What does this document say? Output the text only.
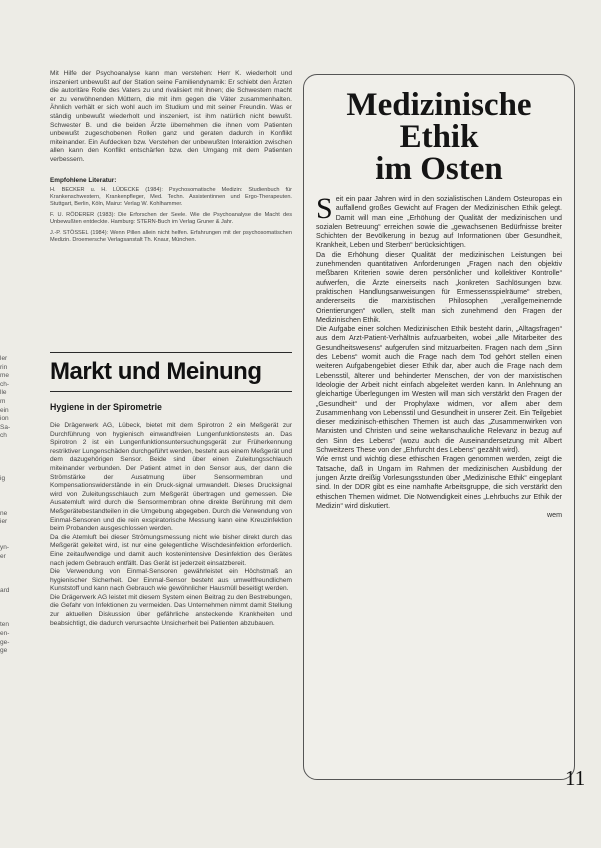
ler
rin
me
ch-
lle
m
ein
ion
Sa-
ch

ig

ne
ier

yn-
er

ard

ten
en-
ge-
ge

Mit Hilfe der Psychoanalyse kann man verstehen: Herr K. wiederholt und inszeniert unbewußt auf der Station seine Familiendynamik: Er schiebt den Ärzten die autoritäre Rolle des Vaters zu und rivalisiert mit ihnen; die Schwestern macht er zu verwöhnenden Müttern, die mit ihm gegen die Väter zusammenhalten. Ähnlich verhält er sich wohl auch im Studium und mit seiner Freundin. Was er ständig unbewußt wiederholt und inszeniert, ist ihm natürlich nicht bewußt. Schwester B. und die beiden Ärzte übernehmen die ihnen vom Patienten unbewußt zugeschobenen Rollen ganz und geraten dadurch in Konflikt miteinander. Ein Aufdecken bzw. Verstehen der unbewußten Interaktion zwischen allen kann den Konflikt entschärfen bzw. den Umgang mit dem Patienten verbessern.

Empfohlene Literatur:

H. BECKER u. H. LÜDECKE (1984): Psychosomatische Medizin: Studienbuch für Krankenschwestern, Krankenpfleger, Med. Techn. Assistentinnen und Ergo-Therapeuten. Stuttgart, Berlin, Köln, Mainz: Verlag W. Kohlhammer.

F. U. RÖDERER (1983): Die Erforschen der Seele. Wie die Psychoanalyse die Macht des Unbewußten entdeckte. Hamburg: STERN-Buch im Verlag Gruner & Jahr.

J.-P. STÖSSEL (1984): Wenn Pillen allein nicht helfen. Erfahrungen mit der psychosomatischen Medizin. Droemersche Verlagsanstalt Th. Knaur, München.

Markt und Meinung
Hygiene in der Spirometrie

Die Drägerwerk AG, Lübeck, bietet mit dem Spirotron 2 ein Meßgerät zur Durchführung von hygienisch einwandfreien Lungenfunktionstests an. Das Spirotron 2 ist ein Lungenfunktionsuntersuchungsgerät zur Früherkennung restriktiver Lungenschäden durchgeführt werden, besteht aus einem Meßgerät und dem dazugehörigen Sensor. Beide sind über einen Zuleitungsschlauch miteinander verbunden. Der Patient atmet in den Sensor aus, der dann die Strömstärke der Ausatmung über Sensormembran und Kompensationswiderstände in ein Druck-signal umwandelt. Dieses Drucksignal wird von Zuleitungsschlauch zum Meßgerät übertragen und gemessen. Die Ausatemluft wird durch die Sensormembran ohne direkte Berührung mit dem Meßgerätebestandteilen in die Umgebung abgegeben. Durch die Verwendung von Einmal-Sensoren und die rein exspiratorische Messung kann eine Kreuzinfektion beim Probanden ausgeschlossen werden.

Da die Atemluft bei dieser Strömungsmessung nicht wie bisher direkt durch das Meßgerät geleitet wird, ist nur eine gelegentliche Wischdesinfektion erforderlich. Eine zeitaufwendige und damit auch kostenintensive Desinfektion des Gerätes nach jedem Gebrauch entfällt. Das Gerät ist jederzeit einsatzbereit.

Die Verwendung von Einmal-Sensoren gewährleistet ein Höchstmaß an hygienischer Sicherheit. Der Einmal-Sensor besteht aus umweltfreundlichem Kunststoff und kann nach Gebrauch wie gewöhnlicher Hausmüll beseitigt werden.

Die Drägerwerk AG leistet mit diesem System einen Beitrag zu den Bestrebungen, die Gefahr von Infektionen zu vermeiden. Das Unternehmen nimmt damit Stellung zur aktuellen Diskussion über gefährliche ansteckende Krankheiten und beabsichtigt, die dadurch verursachte Unsicherheit bei Patienten abzubauen.

Medizinische
Ethik
im Osten

Seit ein paar Jahren wird in den sozialistischen Ländern Osteuropas ein auffallend großes Gewicht auf Fragen der Medizinischen Ethik gelegt. Damit will man eine „Erhöhung der Qualität der medizinischen und sozialen Betreuung“ erreichen sowie die „gewachsenen Bedürfnisse breiter Schichten der Bevölkerung in bezug auf Informationen über Gesundheit, Krankheit, Leben und Sterben“ berücksichtigen.

Da die Erhöhung dieser Qualität der medizinischen Leistungen bei zunehmenden quantitativen Anforderungen „Fragen nach den objektiv meßbaren Kriterien sowie deren persönlicher und kollektiver Kontrolle“ aufwerfen, die Ärzte einerseits nach „konkreten Sachlösungen bzw. praktischen Handlungsanweisungen für Ermessensspielräume“ streben, andererseits die marxistischen Philosophen „verallgemeinernde Orientierungen“ wollen, stellt man sich zunehmend den Fragen der Medizinischen Ethik.

Die Aufgabe einer solchen Medizinischen Ethik besteht darin, „Alltagsfragen“ aus dem Arzt-Patient-Verhältnis aufzuarbeiten, wobei „alle Mitarbeiter des Gesundheitswesens“ aufgerufen sind mitzuarbeiten. Fragen nach dem „Sinn des Lebens“ womit auch die Frage nach dem Tod gehört stellen einen weiteren Aufgabengebiet dieser Ethik dar, aber auch die Frage nach dem Lebensstil, älterer und behinderter Menschen, der von der marxistischen Ideologie der Arbeit nicht einfach abgeleitet werden kann. In Anlehnung an gleichartige Überlegungen im Westen will man sich verstärkt den Fragen der „Gesundheit“ und der Prophylaxe widmen, vor allem aber dem Zusammenhang von Lebensstil und Gesundheit in unserer Zeit. Ein Teilgebiet dieser medizinisch-ethischen Themen ist auch das „Zusammenwirken von Marxisten und Christen und seine weltanschauliche Relevanz in bezug auf den Sinn des Lebens“ (wozu auch die Auseinandersetzung mit Albert Schweitzers These von der „Ehrfurcht des Lebens“ gezählt wird).

Wie ernst und wichtig diese ethischen Fragen genommen werden, zeigt die Tatsache, daß in Ungarn im Rahmen der medizinischen Ausbildung der jungen Ärzte dreißig Vorlesungsstunden über „Medizinische Ethik“ eingeplant sind. In der DDR gibt es eine namhafte Arbeitsgruppe, die sich verstärkt den ethischen Themen widmet. Die Notwendigkeit eines „Lehrbuchs zur Ethik der Medizin“ wird diskutiert.

wem

11
